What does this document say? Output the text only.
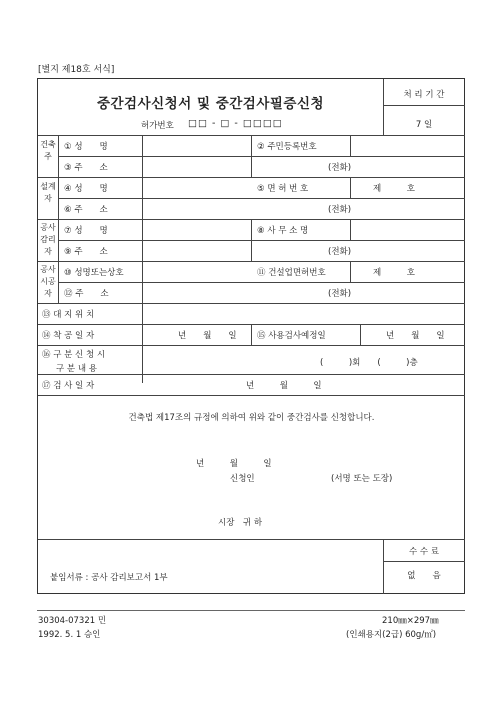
[별지 제18호 서식]
중간검사신청서 및 중간검사필증신청
처 리 기 간
7 일
허가번호 □□ - □ - □□□□
건축주
① 성　　명	② 주민등록번호
③ 주　　소	(전화)
설계자
④ 성　　명	⑤ 면 허 번 호	제　　　호
⑥ 주　　소	(전화)
공사감리자
⑦ 성　　명	⑧ 사 무 소 명
⑨ 주　　소	(전화)
공사시공자
⑩ 성명또는상호	⑪ 건설업면허번호	제　　　호
⑫ 주　　소	(전화)
⑬ 대 지 위 치
⑭ 착 공 일 자	년　　월　　일 ⑮ 사용검사예정일	년　　월　　일
⑯ 구 분 신 청 시
구 분 내 용
(　　　)회　　(　　　)층
⑰ 검 사 일 자	년　　　월　　　일
건축법 제17조의 규정에 의하여 위와 같이 중간검사를 신청합니다.
년　　　월　　　일
신청인	(서명 또는 도장)
시장　귀 하
붙임서류 : 공사 감리보고서 1부
수 수 료
없　　음
30304-07321 민	210㎜×297㎜
1992. 5. 1 승인	(인쇄용지(2급) 60g/㎡)
